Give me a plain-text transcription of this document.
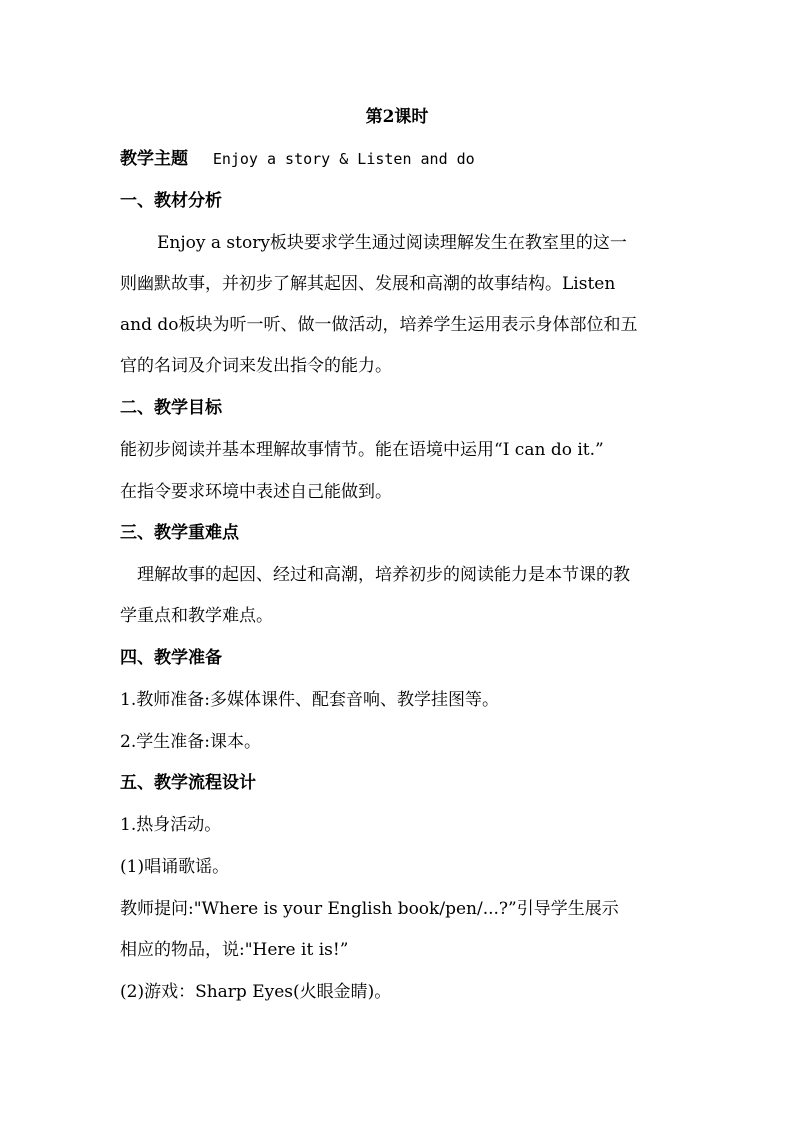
第2课时
教学主题 Enjoy a story & Listen and do
一、教材分析
Enjoy a story板块要求学生通过阅读理解发生在教室里的这一
则幽默故事，并初步了解其起因、发展和高潮的故事结构。Listen
and do板块为听一听、做一做活动，培养学生运用表示身体部位和五
官的名词及介词来发出指令的能力。
二、教学目标
能初步阅读并基本理解故事情节。能在语境中运用“I can do it.”
在指令要求环境中表述自己能做到。
三、教学重难点
理解故事的起因、经过和高潮，培养初步的阅读能力是本节课的教
学重点和教学难点。
四、教学准备
1.教师准备:多媒体课件、配套音响、教学挂图等。
2.学生准备:课本。
五、教学流程设计
1.热身活动。
(1)唱诵歌谣。
教师提问:"Where is your English book/pen/...?”引导学生展示
相应的物品，说:"Here it is!”
(2)游戏：Sharp Eyes(火眼金睛)。
